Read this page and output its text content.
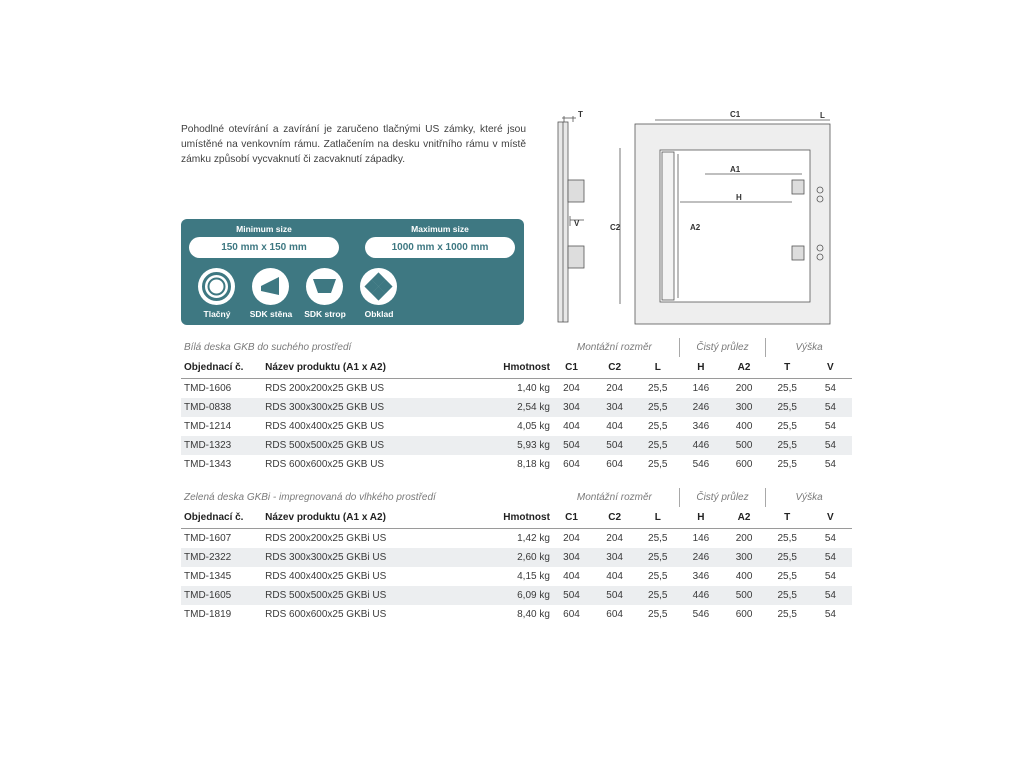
Pohodlné otevírání a zavírání je zaručeno tlačnými US zámky, které jsou umístěné na venkovním rámu. Zatlačením na desku vnitřního rámu v místě zámku způsobí vycvaknutí či zacvaknutí západky.
Minimum size
150 mm x 150 mm
Maximum size
1000 mm x 1000 mm
Tlačný	SDK stěna	SDK strop	Obklad
T
V
C1	L
A1
H
C2	A2
Bílá deska GKB do suchého prostředí			Montážní rozměr			Čistý průlez		Výška	
Objednací č.	Název produktu (A1 x A2)	Hmotnost	C1	C2	L	H	A2	T	V
TMD-1606	RDS 200x200x25 GKB US	1,40 kg	204	204	25,5	146	200	25,5	54
TMD-0838	RDS 300x300x25 GKB US	2,54 kg	304	304	25,5	246	300	25,5	54
TMD-1214	RDS 400x400x25 GKB US	4,05 kg	404	404	25,5	346	400	25,5	54
TMD-1323	RDS 500x500x25 GKB US	5,93 kg	504	504	25,5	446	500	25,5	54
TMD-1343	RDS 600x600x25 GKB US	8,18 kg	604	604	25,5	546	600	25,5	54
Zelená deska GKBi - impregnovaná do vlhkého prostředí			Montážní rozměr			Čistý průlez		Výška	
Objednací č.	Název produktu (A1 x A2)	Hmotnost	C1	C2	L	H	A2	T	V
TMD-1607	RDS 200x200x25 GKBi US	1,42 kg	204	204	25,5	146	200	25,5	54
TMD-2322	RDS 300x300x25 GKBi US	2,60 kg	304	304	25,5	246	300	25,5	54
TMD-1345	RDS 400x400x25 GKBi US	4,15 kg	404	404	25,5	346	400	25,5	54
TMD-1605	RDS 500x500x25 GKBi US	6,09 kg	504	504	25,5	446	500	25,5	54
TMD-1819	RDS 600x600x25 GKBi US	8,40 kg	604	604	25,5	546	600	25,5	54
